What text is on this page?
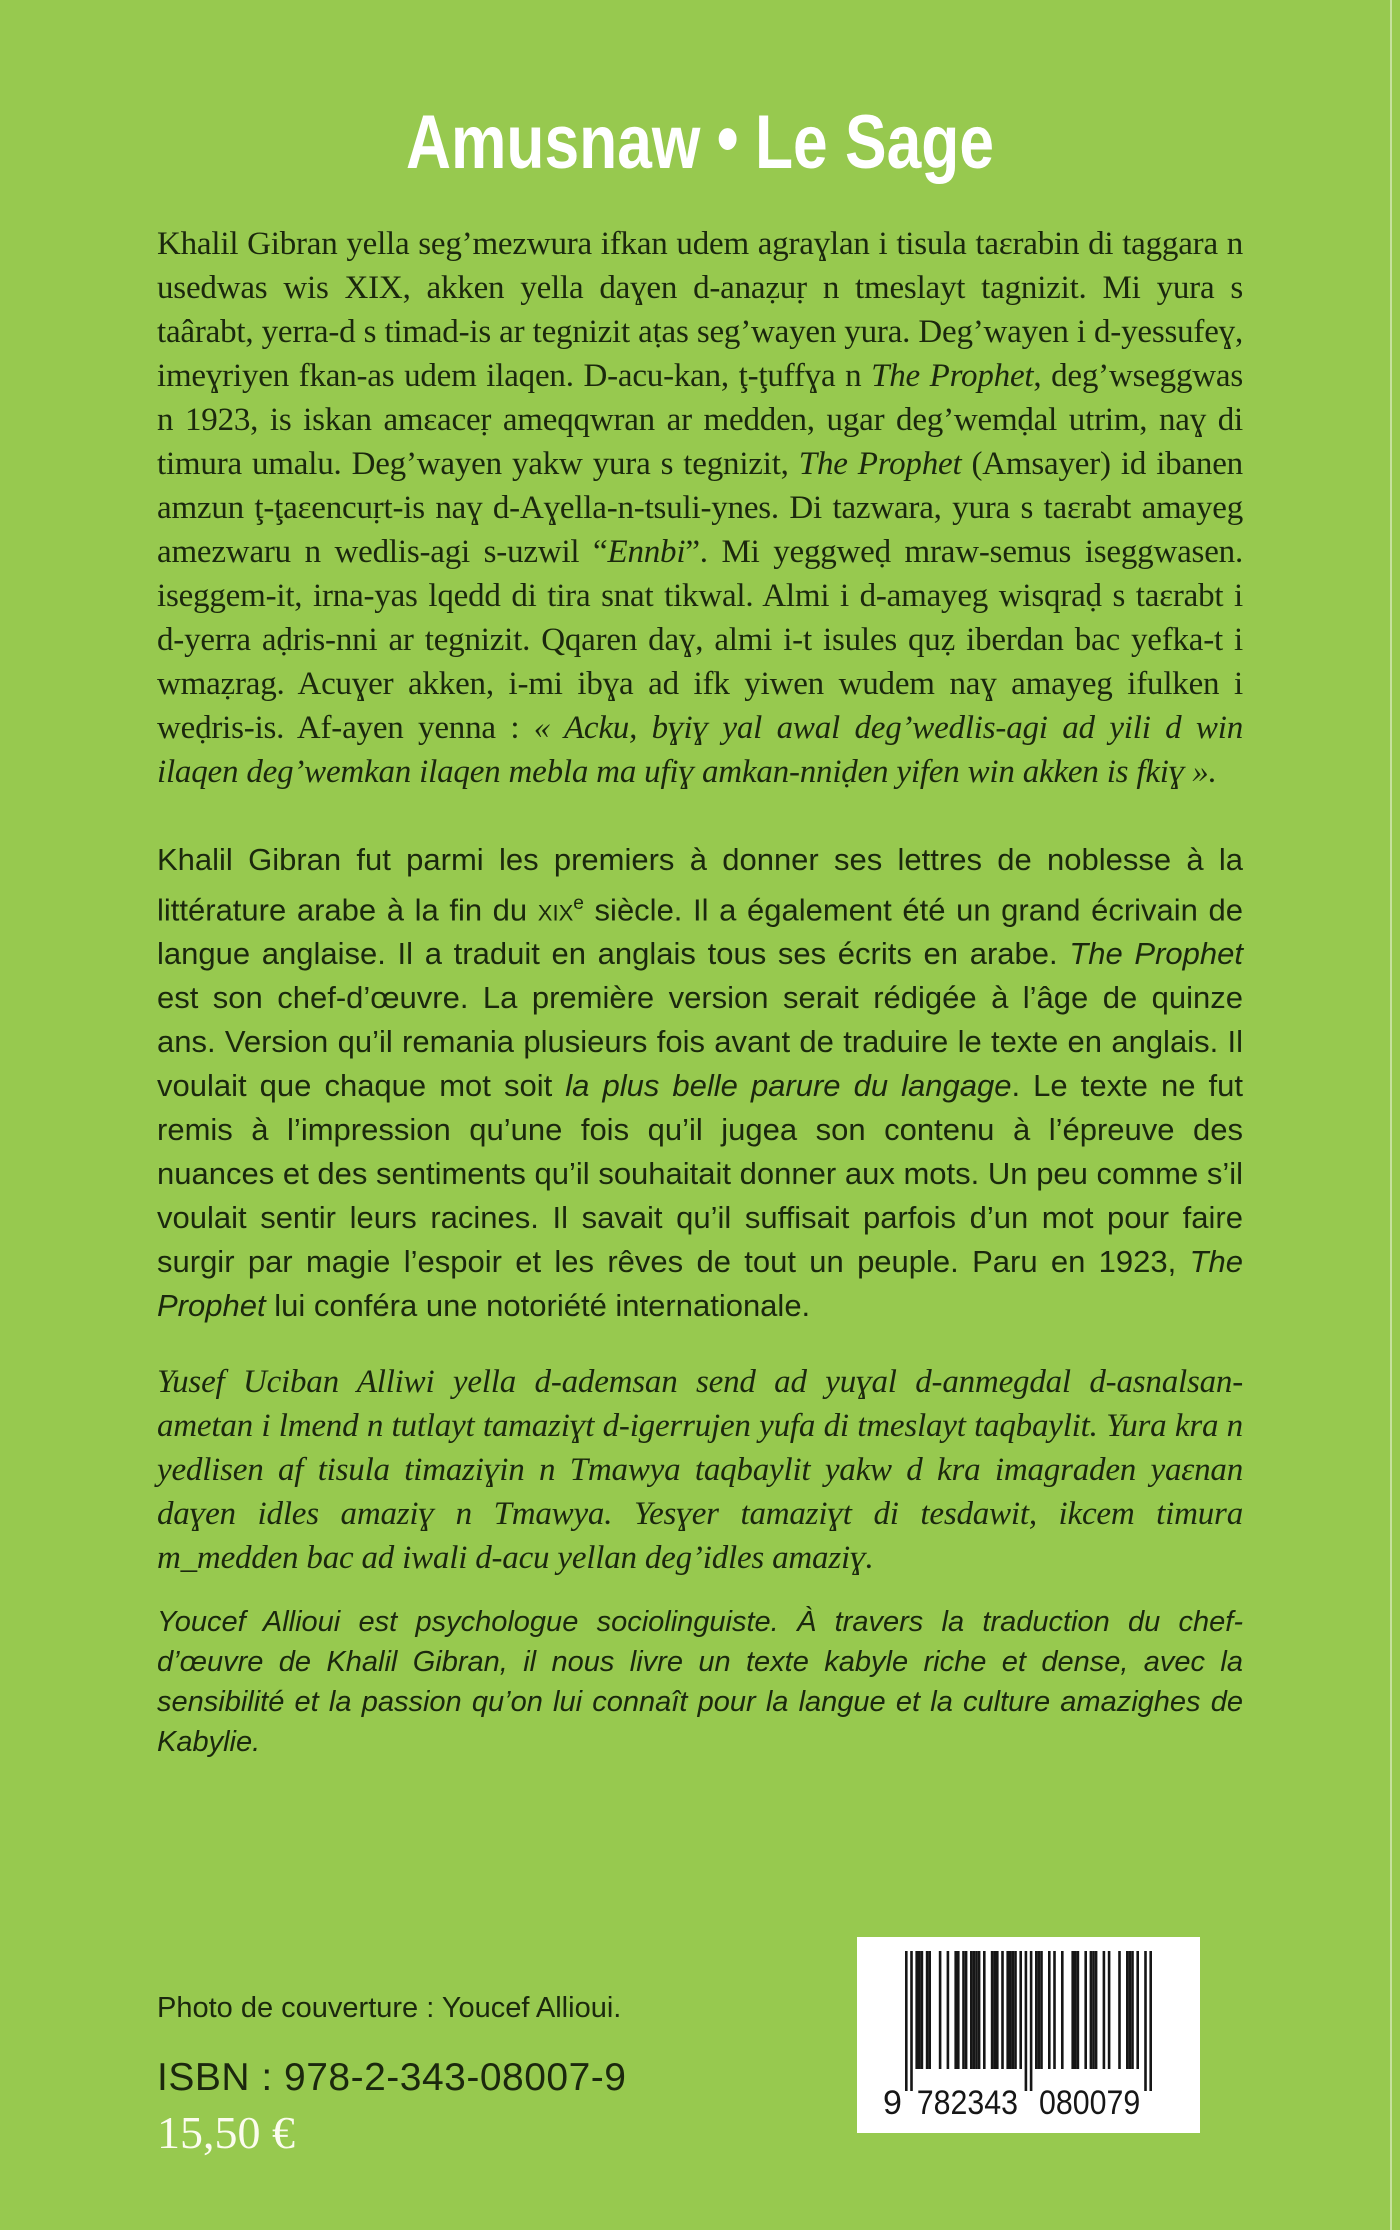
Amusnaw • Le Sage

Khalil Gibran yella seg’mezwura ifkan udem agraɣlan i tisula taɛrabin di taggara n usedwas wis XIX, akken yella daɣen d-anaẓuṛ n tmeslayt tagnizit. Mi yura s taârabt, yerra-d s timad-is ar tegnizit aṭas seg’wayen yura. Deg’wayen i d-yessufeɣ, imeɣriyen fkan-as udem ilaqen. D-acu-kan, ţ-ţuffɣa n The Prophet, deg’wseggwas n 1923, is iskan amɛaceṛ ameqqwran ar medden, ugar deg’wemḍal utrim, naɣ di timura umalu. Deg’wayen yakw yura s tegnizit, The Prophet (Amsayer) id ibanen amzun ţ-ţaɛencuṛt-is naɣ d-Aɣella-n-tsuli-ynes. Di tazwara, yura s taɛrabt amayeg amezwaru n wedlis-agi s-uzwil “Ennbi”. Mi yeggweḍ mraw-semus iseggwasen. iseggem-it, irna-yas lqedd di tira snat tikwal. Almi i d-amayeg wisqraḍ s taɛrabt i d-yerra aḍris-nni ar tegnizit. Qqaren daɣ, almi i-t isules quẓ iberdan bac yefka-t i wmaẓrag. Acuɣer akken, i-mi ibɣa ad ifk yiwen wudem naɣ amayeg ifulken i weḍris-is. Af-ayen yenna : « Acku, bɣiɣ yal awal deg’wedlis-agi ad yili d win ilaqen deg’wemkan ilaqen mebla ma ufiɣ amkan-nniḍen yifen win akken is fkiɣ ».

Khalil Gibran fut parmi les premiers à donner ses lettres de noblesse à la littérature arabe à la fin du xix$^e$ siècle. Il a également été un grand écrivain de langue anglaise. Il a traduit en anglais tous ses écrits en arabe. The Prophet est son chef-d’œuvre. La première version serait rédigée à l’âge de quinze ans. Version qu’il remania plusieurs fois avant de traduire le texte en anglais. Il voulait que chaque mot soit la plus belle parure du langage. Le texte ne fut remis à l’impression qu’une fois qu’il jugea son contenu à l’épreuve des nuances et des sentiments qu’il souhaitait donner aux mots. Un peu comme s’il voulait sentir leurs racines. Il savait qu’il suffisait parfois d’un mot pour faire surgir par magie l’espoir et les rêves de tout un peuple. Paru en 1923, The Prophet lui conféra une notoriété internationale.

Yusef Uciban Alliwi yella d-ademsan send ad yuɣal d-anmegdal d-asnalsan-ametan i lmend n tutlayt tamaziɣt d-igerrujen yufa di tmeslayt taqbaylit. Yura kra n yedlisen af tisula timaziɣin n Tmawya taqbaylit yakw d kra imagraden yaɛnan daɣen idles amaziɣ n Tmawya. Yesɣer tamaziɣt di tesdawit, ikcem timura m_medden bac ad iwali d-acu yellan deg’idles amaziɣ.

Youcef Allioui est psychologue sociolinguiste. À travers la traduction du chef-d’œuvre de Khalil Gibran, il nous livre un texte kabyle riche et dense, avec la sensibilité et la passion qu’on lui connaît pour la langue et la culture amazighes de Kabylie.

Photo de couverture : Youcef Allioui.
ISBN : 978-2-343-08007-9
15,50 €
9 782343 080079
